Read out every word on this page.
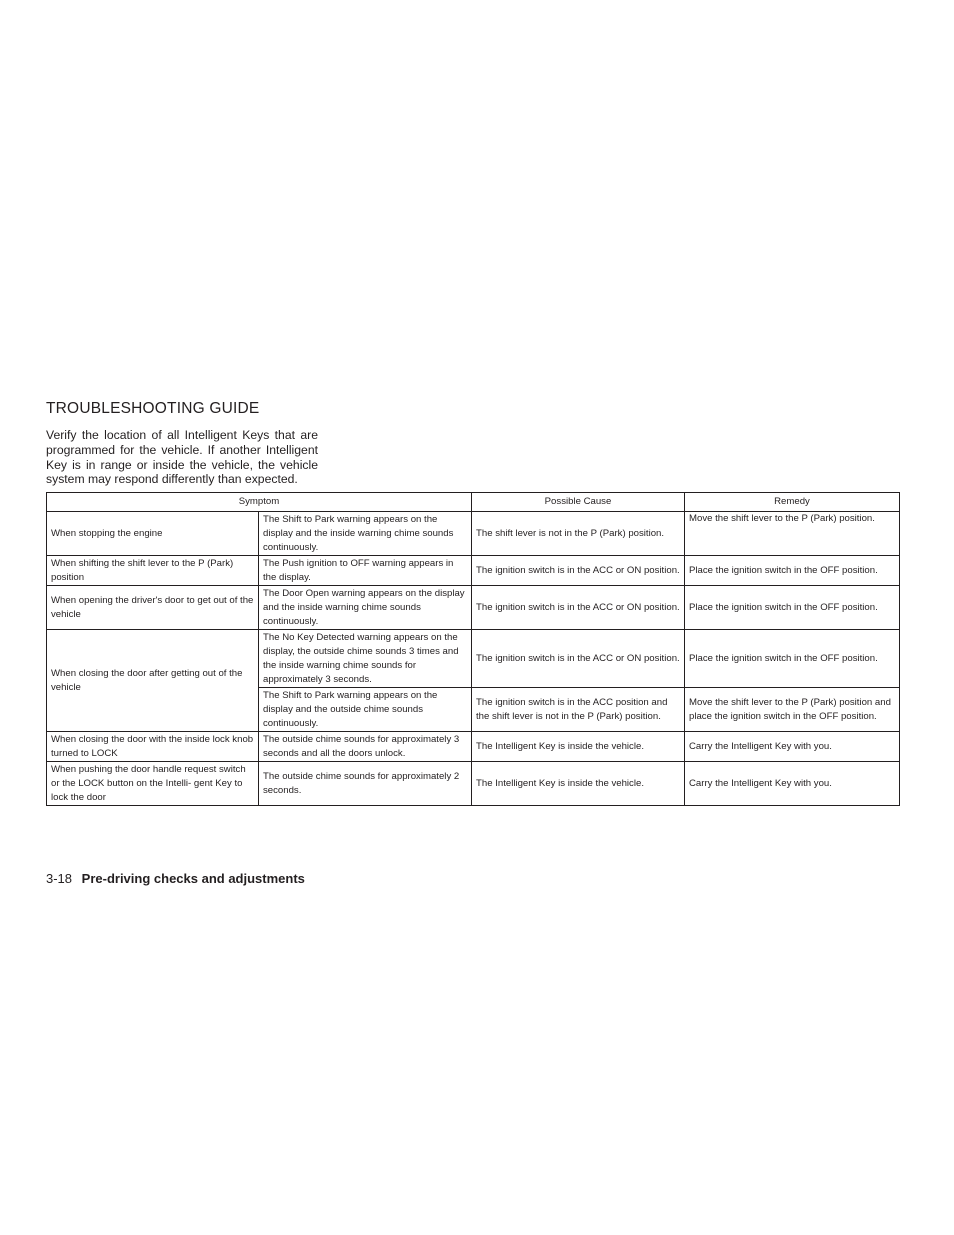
TROUBLESHOOTING GUIDE

Verify the location of all Intelligent Keys that are programmed for the vehicle. If another Intelligent Key is in range or inside the vehicle, the vehicle system may respond differently than expected.

Symptom		Possible Cause	Remedy
When stopping the engine	The Shift to Park warning appears on the display and the inside warning chime sounds continuously.	The shift lever is not in the P (Park) position.	Move the shift lever to the P (Park) position.
When shifting the shift lever to the P (Park) position	The Push ignition to OFF warning appears in the display.	The ignition switch is in the ACC or ON position.	Place the ignition switch in the OFF position.
When opening the driver's door to get out of the vehicle	The Door Open warning appears on the display and the inside warning chime sounds continuously.	The ignition switch is in the ACC or ON position.	Place the ignition switch in the OFF position.
When closing the door after getting out of the vehicle	The No Key Detected warning appears on the display, the outside chime sounds 3 times and the inside warning chime sounds for approximately 3 seconds.	The ignition switch is in the ACC or ON position.	Place the ignition switch in the OFF position.
	The Shift to Park warning appears on the display and the outside chime sounds continuously.	The ignition switch is in the ACC position and the shift lever is not in the P (Park) position.	Move the shift lever to the P (Park) position and place the ignition switch in the OFF position.
When closing the door with the inside lock knob turned to LOCK	The outside chime sounds for approximately 3 seconds and all the doors unlock.	The Intelligent Key is inside the vehicle.	Carry the Intelligent Key with you.
When pushing the door handle request switch or the LOCK button on the Intelli- gent Key to lock the door	The outside chime sounds for approximately 2 seconds.	The Intelligent Key is inside the vehicle.	Carry the Intelligent Key with you.
3-18 Pre-driving checks and adjustments
